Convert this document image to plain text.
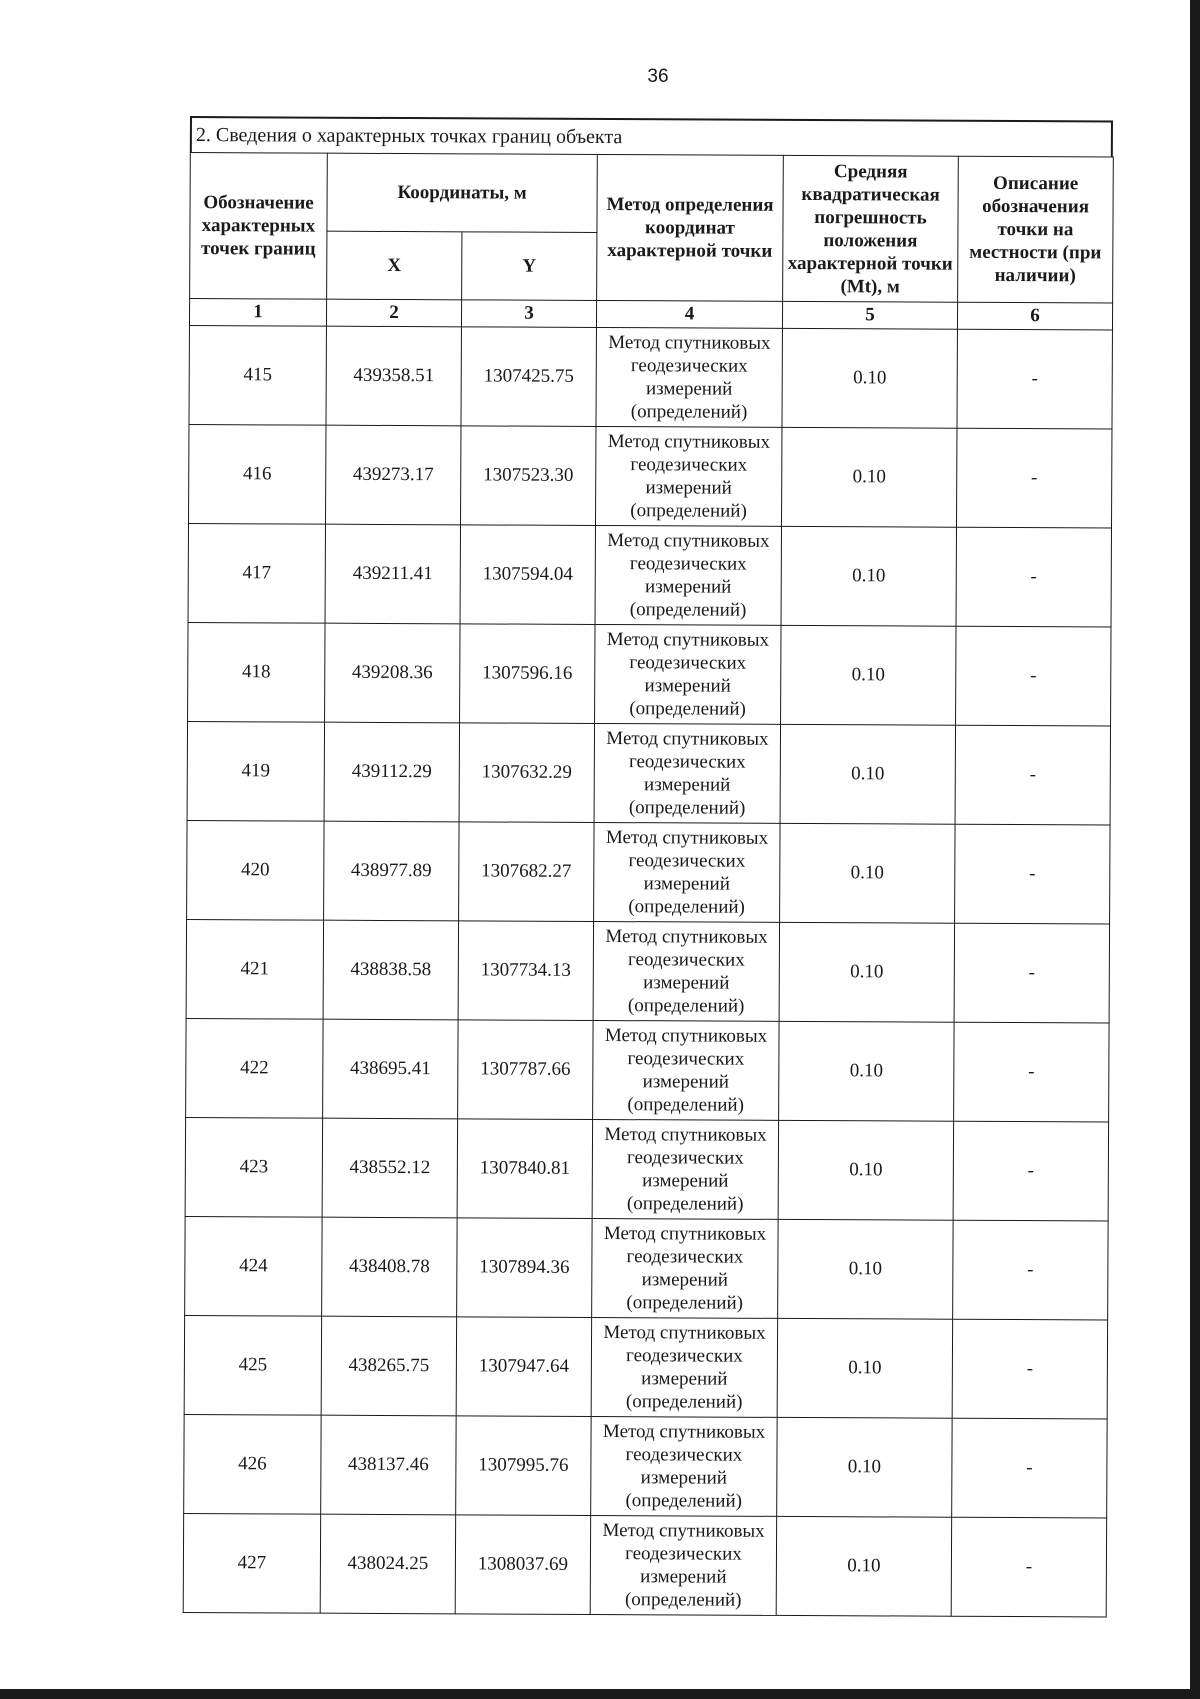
36
2. Сведения о характерных точках границ объекта
Обозначение характерных точек границ	Координаты, м		Метод определения координат характерной точки	Средняя квадратическая погрешность положения характерной точки (Mt), м	Описание обозначения точки на местности (при наличии)
	X	Y			
1	2	3	4	5	6
415	439358.51	1307425.75	Метод спутниковых геодезических измерений (определений)	0.10	-
416	439273.17	1307523.30	Метод спутниковых геодезических измерений (определений)	0.10	-
417	439211.41	1307594.04	Метод спутниковых геодезических измерений (определений)	0.10	-
418	439208.36	1307596.16	Метод спутниковых геодезических измерений (определений)	0.10	-
419	439112.29	1307632.29	Метод спутниковых геодезических измерений (определений)	0.10	-
420	438977.89	1307682.27	Метод спутниковых геодезических измерений (определений)	0.10	-
421	438838.58	1307734.13	Метод спутниковых геодезических измерений (определений)	0.10	-
422	438695.41	1307787.66	Метод спутниковых геодезических измерений (определений)	0.10	-
423	438552.12	1307840.81	Метод спутниковых геодезических измерений (определений)	0.10	-
424	438408.78	1307894.36	Метод спутниковых геодезических измерений (определений)	0.10	-
425	438265.75	1307947.64	Метод спутниковых геодезических измерений (определений)	0.10	-
426	438137.46	1307995.76	Метод спутниковых геодезических измерений (определений)	0.10	-
427	438024.25	1308037.69	Метод спутниковых геодезических измерений (определений)	0.10	-
